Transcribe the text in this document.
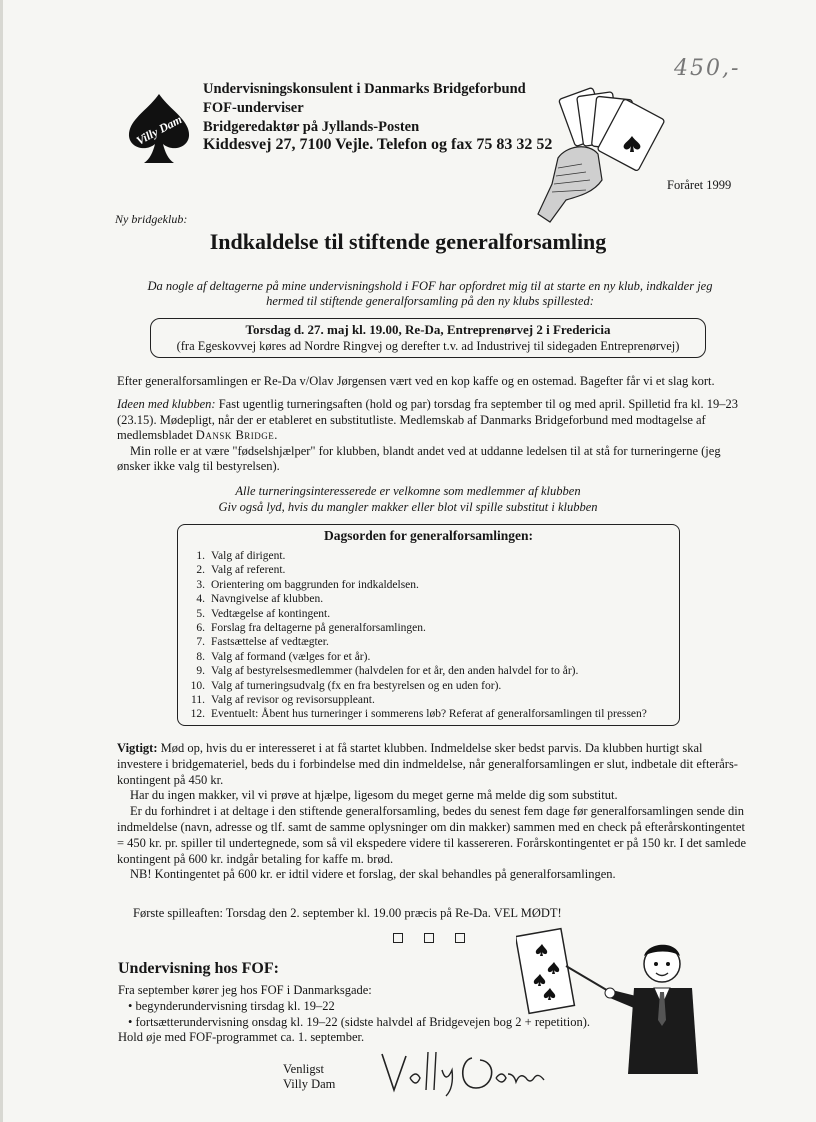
450,-
Villy Dam
Undervisningskonsulent i Danmarks Bridgeforbund
FOF-underviser
Bridgeredaktør på Jyllands-Posten
Kiddesvej 27, 7100 Vejle. Telefon og fax 75 83 32 52
Foråret 1999
Ny bridgeklub:
Indkaldelse til stiftende generalforsamling
Da nogle af deltagerne på mine undervisningshold i FOF har opfordret mig til at starte en ny klub, indkalder jeg
hermed til stiftende generalforsamling på den ny klubs spillested:
Torsdag d. 27. maj kl. 19.00, Re-Da, Entreprenørvej 2 i Fredericia
(fra Egeskovvej køres ad Nordre Ringvej og derefter t.v. ad Industrivej til sidegaden Entreprenørvej)
Efter generalforsamlingen er Re-Da v/Olav Jørgensen vært ved en kop kaffe og en ostemad. Bagefter får vi et slag kort.

Ideen med klubben: Fast ugentlig turneringsaften (hold og par) torsdag fra september til og med april. Spilletid fra kl. 19–23 (23.15). Mødepligt, når der er etableret en substitutliste. Medlemskab af Danmarks Bridgeforbund med modtagelse af medlemsbladet Dansk Bridge.

Min rolle er at være "fødselshjælper" for klubben, blandt andet ved at uddanne ledelsen til at stå for turneringerne (jeg ønsker ikke valg til bestyrelsen).

Alle turneringsinteresserede er velkomne som medlemmer af klubben
Giv også lyd, hvis du mangler makker eller blot vil spille substitut i klubben
Dagsorden for generalforsamlingen:
1. Valg af dirigent.
2. Valg af referent.
3. Orientering om baggrunden for indkaldelsen.
4. Navngivelse af klubben.
5. Vedtægelse af kontingent.
6. Forslag fra deltagerne på generalforsamlingen.
7. Fastsættelse af vedtægter.
8. Valg af formand (vælges for et år).
9. Valg af bestyrelsesmedlemmer (halvdelen for et år, den anden halvdel for to år).
10. Valg af turneringsudvalg (fx en fra bestyrelsen og en uden for).
11. Valg af revisor og revisorsuppleant.
12. Eventuelt: Åbent hus turneringer i sommerens løb? Referat af generalforsamlingen til pressen?

Vigtigt: Mød op, hvis du er interesseret i at få startet klubben. Indmeldelse sker bedst parvis. Da klubben hurtigt skal investere i bridgemateriel, beds du i forbindelse med din indmeldelse, når generalforsamlingen er slut, indbetale dit efterårs-kontingent på 450 kr.

Har du ingen makker, vil vi prøve at hjælpe, ligesom du meget gerne må melde dig som substitut.

Er du forhindret i at deltage i den stiftende generalforsamling, bedes du senest fem dage før generalforsamlingen sende din indmeldelse (navn, adresse og tlf. samt de samme oplysninger om din makker) sammen med en check på efterårskontingentet = 450 kr. pr. spiller til undertegnede, som så vil ekspedere videre til kassereren. Forårskontingentet er på 150 kr. I det samlede kontingent på 600 kr. indgår betaling for kaffe m. brød.

NB! Kontingentet på 600 kr. er idtil videre et forslag, der skal behandles på generalforsamlingen.

Første spilleaften: Torsdag den 2. september kl. 19.00 præcis på Re-Da. VEL MØDT!
Undervisning hos FOF:

Fra september kører jeg hos FOF i Danmarksgade:

• begynderundervisning tirsdag kl. 19–22

• fortsætterundervisning onsdag kl. 19–22 (sidste halvdel af Bridgevejen bog 2 + repetition).

Hold øje med FOF-programmet ca. 1. september.

Venligst
Villy Dam
